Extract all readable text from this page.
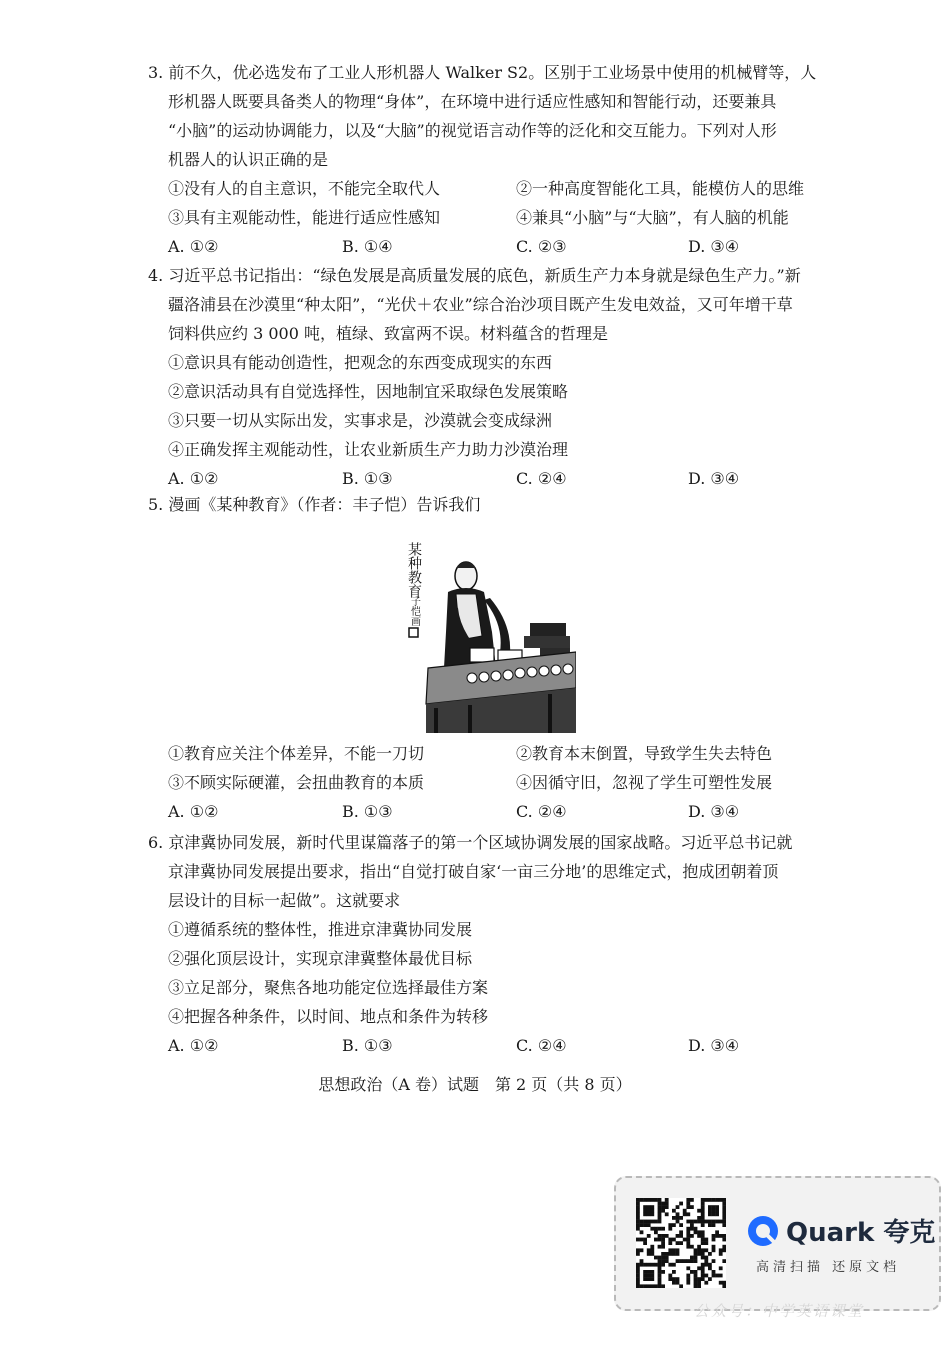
3. 前不久，优必选发布了工业人形机器人 Walker S2。区别于工业场景中使用的机械臂等，人
形机器人既要具备类人的物理“身体”，在环境中进行适应性感知和智能行动，还要兼具
“小脑”的运动协调能力，以及“大脑”的视觉语言动作等的泛化和交互能力。下列对人形
机器人的认识正确的是
①没有人的自主意识，不能完全取代人	②一种高度智能化工具，能模仿人的思维
③具有主观能动性，能进行适应性感知	④兼具“小脑”与“大脑”，有人脑的机能
A. ①②	B. ①④	C. ②③	D. ③④
4. 习近平总书记指出：“绿色发展是高质量发展的底色，新质生产力本身就是绿色生产力。”新
疆洛浦县在沙漠里“种太阳”，“光伏＋农业”综合治沙项目既产生发电效益，又可年增干草
饲料供应约 3 000 吨，植绿、致富两不误。材料蕴含的哲理是
①意识具有能动创造性，把观念的东西变成现实的东西
②意识活动具有自觉选择性，因地制宜采取绿色发展策略
③只要一切从实际出发，实事求是，沙漠就会变成绿洲
④正确发挥主观能动性，让农业新质生产力助力沙漠治理
A. ①②	B. ①③	C. ②④	D. ③④
5. 漫画《某种教育》（作者：丰子恺）告诉我们
某种教育
子恺画
①教育应关注个体差异，不能一刀切	②教育本末倒置，导致学生失去特色
③不顾实际硬灌，会扭曲教育的本质	④因循守旧，忽视了学生可塑性发展
A. ①②	B. ①③	C. ②④	D. ③④
6. 京津冀协同发展，新时代里谋篇落子的第一个区域协调发展的国家战略。习近平总书记就
京津冀协同发展提出要求，指出“自觉打破自家‘一亩三分地’的思维定式，抱成团朝着顶
层设计的目标一起做”。这就要求
①遵循系统的整体性，推进京津冀协同发展
②强化顶层设计，实现京津冀整体最优目标
③立足部分，聚焦各地功能定位选择最佳方案
④把握各种条件，以时间、地点和条件为转移
A. ①②	B. ①③	C. ②④	D. ③④
思想政治（A 卷）试题　第 2 页（共 8 页）
Quark 夸克
高清扫描 还原文档
公众号：中学英语课堂
